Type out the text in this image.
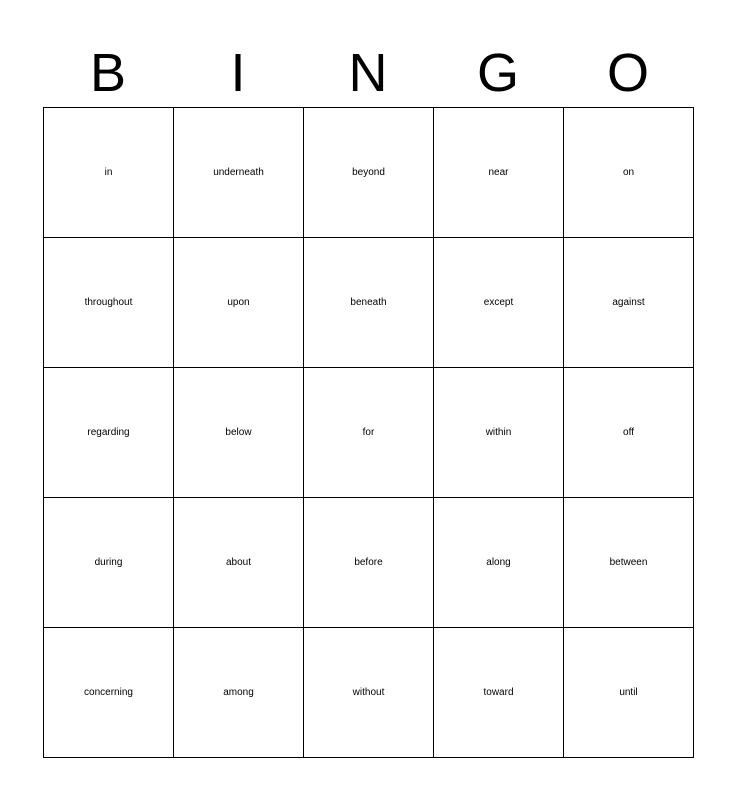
B	I	N	G	O
in	underneath	beyond	near	on
throughout	upon	beneath	except	against
regarding	below	for	within	off
during	about	before	along	between
concerning	among	without	toward	until
